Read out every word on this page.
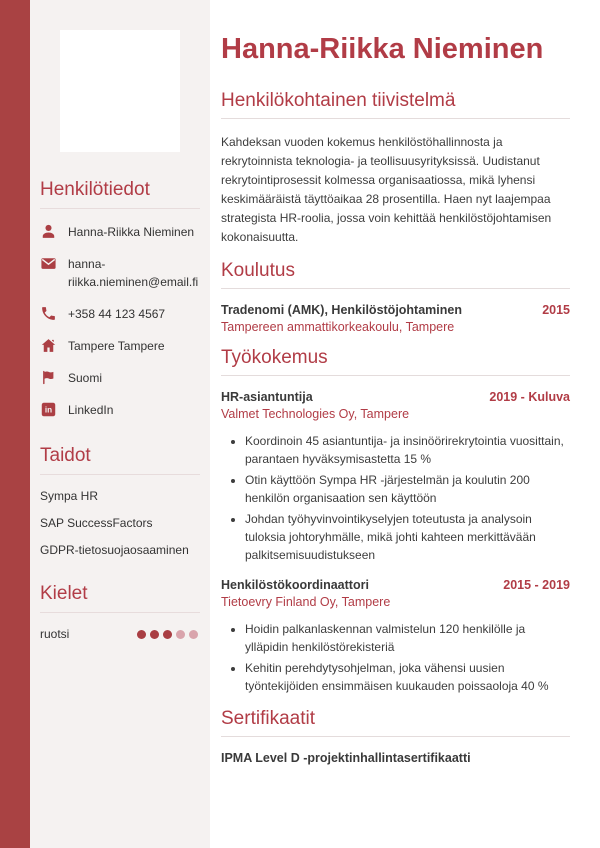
Henkilötiedot
Hanna-Riikka Nieminen
hanna-riikka.nieminen@email.fi
+358 44 123 4567
Tampere Tampere
Suomi
in LinkedIn
Taidot
Sympa HR
SAP SuccessFactors
GDPR-tietosuojaosaaminen
Kielet
ruotsi
Hanna-Riikka Nieminen
Henkilökohtainen tiivistelmä

Kahdeksan vuoden kokemus henkilöstöhallinnosta ja rekrytoinnista teknologia- ja teollisuusyrityksissä. Uudistanut rekrytointiprosessit kolmessa organisaatiossa, mikä lyhensi keskimääräistä täyttöaikaa 28 prosentilla. Haen nyt laajempaa strategista HR-roolia, jossa voin kehittää henkilöstöjohtamisen kokonaisuutta.

Koulutus
Tradenomi (AMK), Henkilöstöjohtaminen	2015
Tampereen ammattikorkeakoulu, Tampere
Työkokemus
HR-asiantuntija	2019 - Kuluva
Valmet Technologies Oy, Tampere
• Koordinoin 45 asiantuntija- ja insinöörirekrytointia vuosittain, parantaen hyväksymisastetta 15 %
• Otin käyttöön Sympa HR -järjestelmän ja koulutin 200 henkilön organisaation sen käyttöön
• Johdan työhyvinvointikyselyjen toteutusta ja analysoin tuloksia johtoryhmälle, mikä johti kahteen merkittävään palkitsemisuudistukseen
Henkilöstökoordinaattori	2015 - 2019
Tietoevry Finland Oy, Tampere
• Hoidin palkanlaskennan valmistelun 120 henkilölle ja ylläpidin henkilöstörekisteriä
• Kehitin perehdytysohjelman, joka vähensi uusien työntekijöiden ensimmäisen kuukauden poissaoloja 40 %
Sertifikaatit
IPMA Level D -projektinhallintasertifikaatti
